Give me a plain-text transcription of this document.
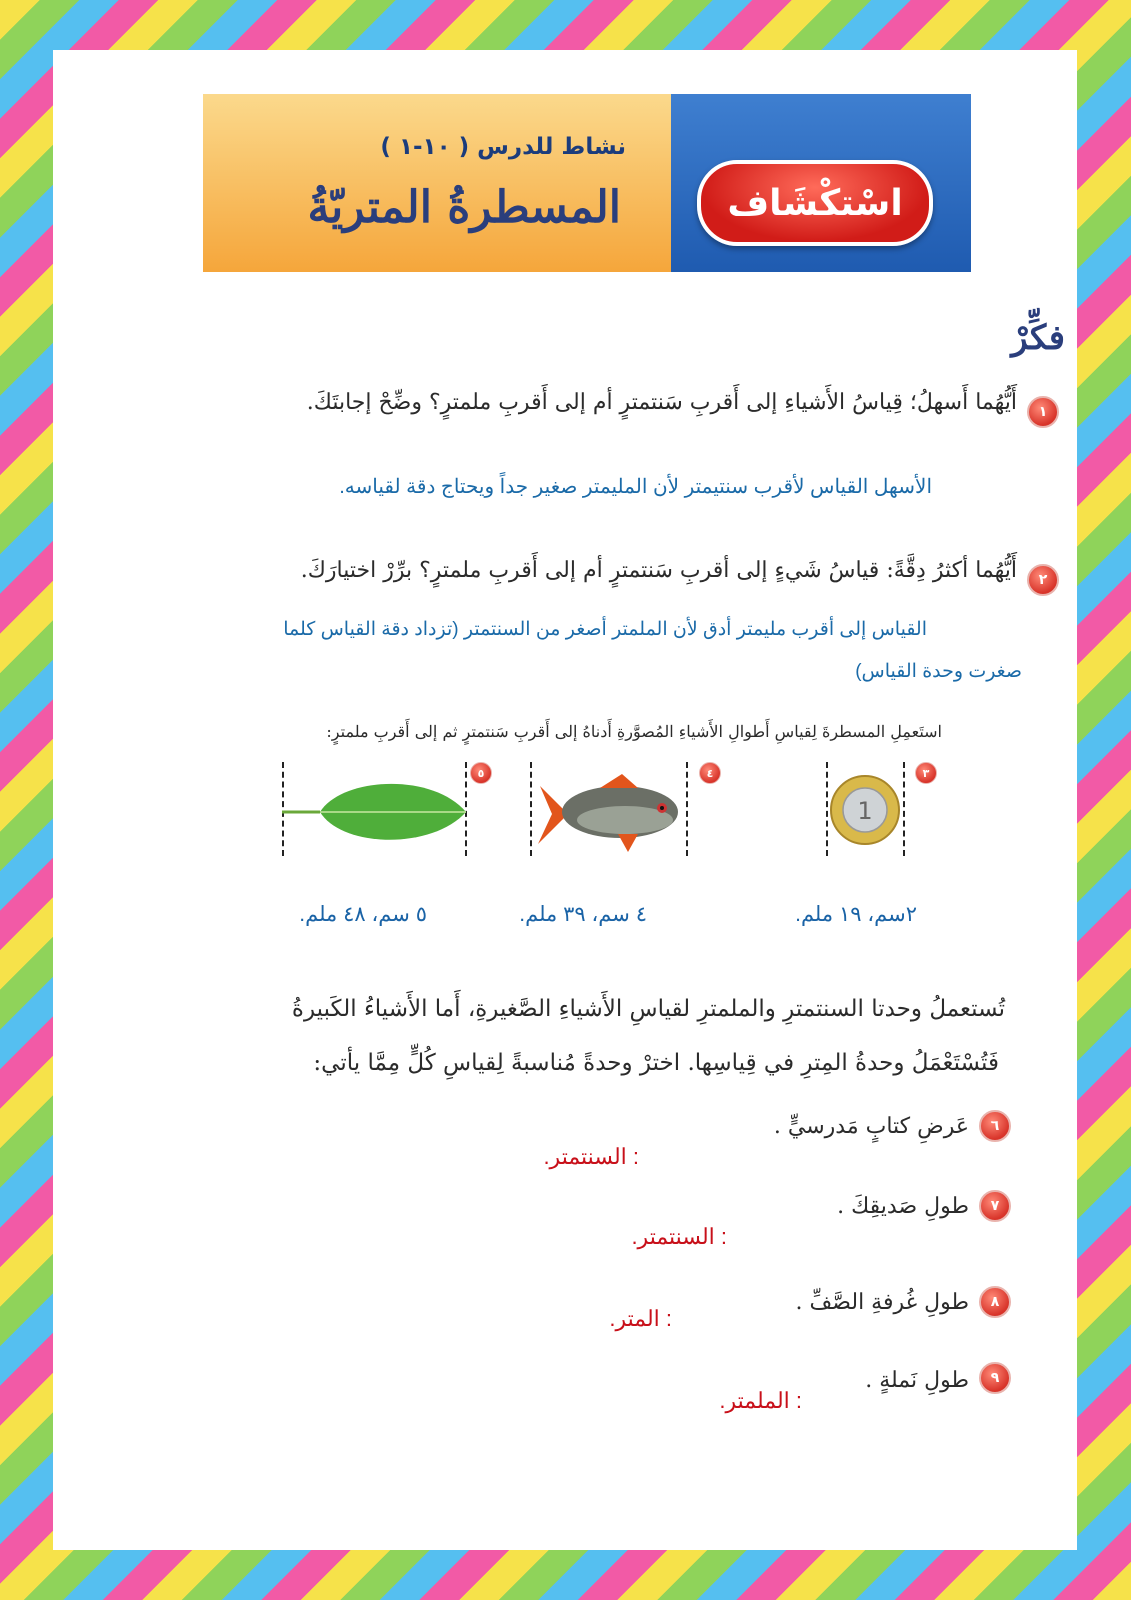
اسْتكْشَاف
نشاط للدرس ( ١٠-١ )
المسطرةُ المتريّةُ
فكِّرْ
١
أَيُّهُما أَسهلُ؛ قِياسُ الأَشياءِ إلى أَقربِ سَنتمترٍ أم إلى أَقربِ ملمترٍ؟ وضِّحْ إجابتَكَ.
الأسهل القياس لأقرب سنتيمتر لأن المليمتر صغير جداً ويحتاج دقة لقياسه.
٢
أَيُّهُما أكثرُ دِقَّةً: قياسُ شَيءٍ إلى أقربِ سَنتمترٍ أم إلى أَقربِ ملمترٍ؟ برِّرْ اختيارَكَ.
القياس إلى أقرب مليمتر أدق لأن الملمتر أصغر من السنتمتر (تزداد دقة القياس كلما
صغرت وحدة القياس)
استَعمِلِ المسطرةَ لِقياسِ أَطوالِ الأَشياءِ المُصوَّرةِ أَدناهُ إلى أَقربِ سَنتمترٍ ثم إلى أَقربِ ملمترٍ:
٣
٤
٥
1
٢سم، ١٩ ملم.
٤ سم، ٣٩ ملم.
٥ سم، ٤٨ ملم.
تُستعملُ وحدتا السنتمترِ والملمترِ لقياسِ الأَشياءِ الصَّغيرةِ، أَما الأَشياءُ الكَبيرةُ
فَتُسْتَعْمَلُ وحدةُ المِترِ في قِياسِها. اخترْ وحدةً مُناسبةً لِقياسِ كُلٍّ مِمَّا يأتي:
٦
عَرضِ كتابٍ مَدرسيٍّ .
: السنتمتر.
٧
طولِ صَديقِكَ .
: السنتمتر.
٨
طولِ غُرفةِ الصَّفِّ .
: المتر.
٩
طولِ نَملةٍ .
: الملمتر.
